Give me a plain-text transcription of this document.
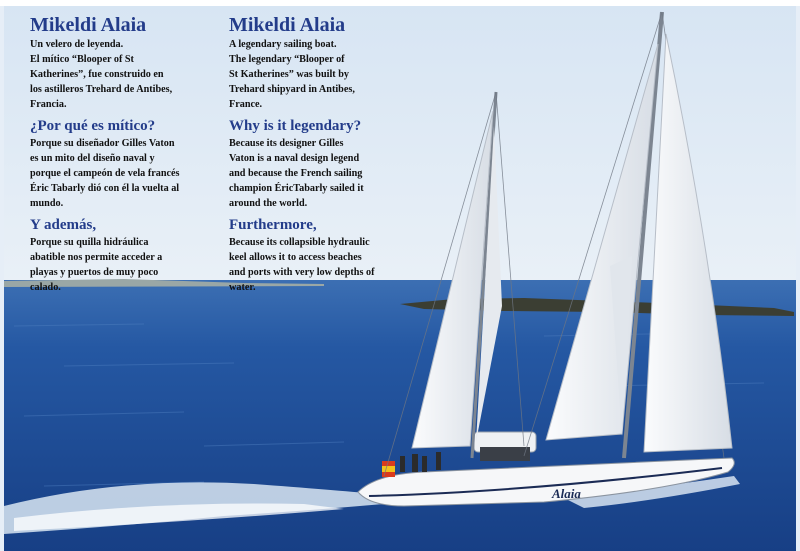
Alaia
Mikeldi Alaia
Un velero de leyenda.
El mítico “Blooper of St
Katherines”, fue construido en
los astilleros Trehard de Antibes,
Francia.
¿Por qué es mítico?
Porque su diseñador Gilles Vaton
es un mito del diseño naval y
porque el campeón de vela francés
Éric Tabarly dió con él la vuelta al
mundo.
Y además,
Porque su quilla hidráulica
abatible nos permite acceder a
playas y puertos de muy poco
calado.
Mikeldi Alaia
A legendary sailing boat.
The legendary “Blooper of
St Katherines” was built by
Trehard shipyard in Antibes,
France.
Why is it legendary?
Because its designer Gilles
Vaton is a naval design legend
and because the French sailing
champion ÉricTabarly sailed it
around the world.
Furthermore,
Because its collapsible hydraulic
keel allows it to access beaches
and ports with very low depths of
water.
